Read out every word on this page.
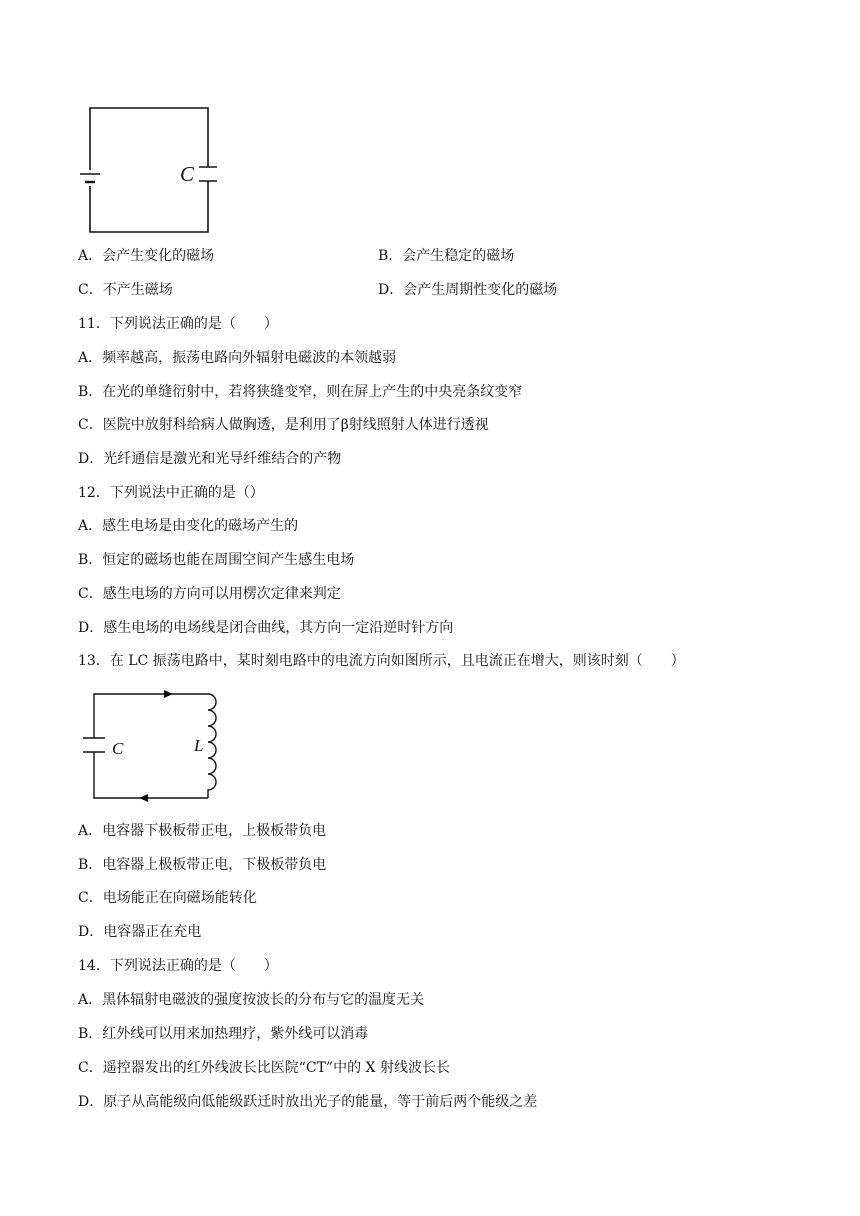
C
A．会产生变化的磁场	B．会产生稳定的磁场
C．不产生磁场	D．会产生周期性变化的磁场
11．下列说法正确的是（　　）
A．频率越高，振荡电路向外辐射电磁波的本领越弱
B．在光的单缝衍射中，若将狭缝变窄，则在屏上产生的中央亮条纹变窄
C．医院中放射科给病人做胸透，是利用了β射线照射人体进行透视
D．光纤通信是激光和光导纤维结合的产物
12．下列说法中正确的是（）
A．感生电场是由变化的磁场产生的
B．恒定的磁场也能在周围空间产生感生电场
C．感生电场的方向可以用楞次定律来判定
D．感生电场的电场线是闭合曲线，其方向一定沿逆时针方向
13．在 LC 振荡电路中，某时刻电路中的电流方向如图所示，且电流正在增大，则该时刻（　　）
C	L
A．电容器下极板带正电，上极板带负电
B．电容器上极板带正电，下极板带负电
C．电场能正在向磁场能转化
D．电容器正在充电
14．下列说法正确的是（　　）
A．黑体辐射电磁波的强度按波长的分布与它的温度无关
B．红外线可以用来加热理疗，紫外线可以消毒
C．遥控器发出的红外线波长比医院“CT”中的 X 射线波长长
D．原子从高能级向低能级跃迁时放出光子的能量，等于前后两个能级之差
